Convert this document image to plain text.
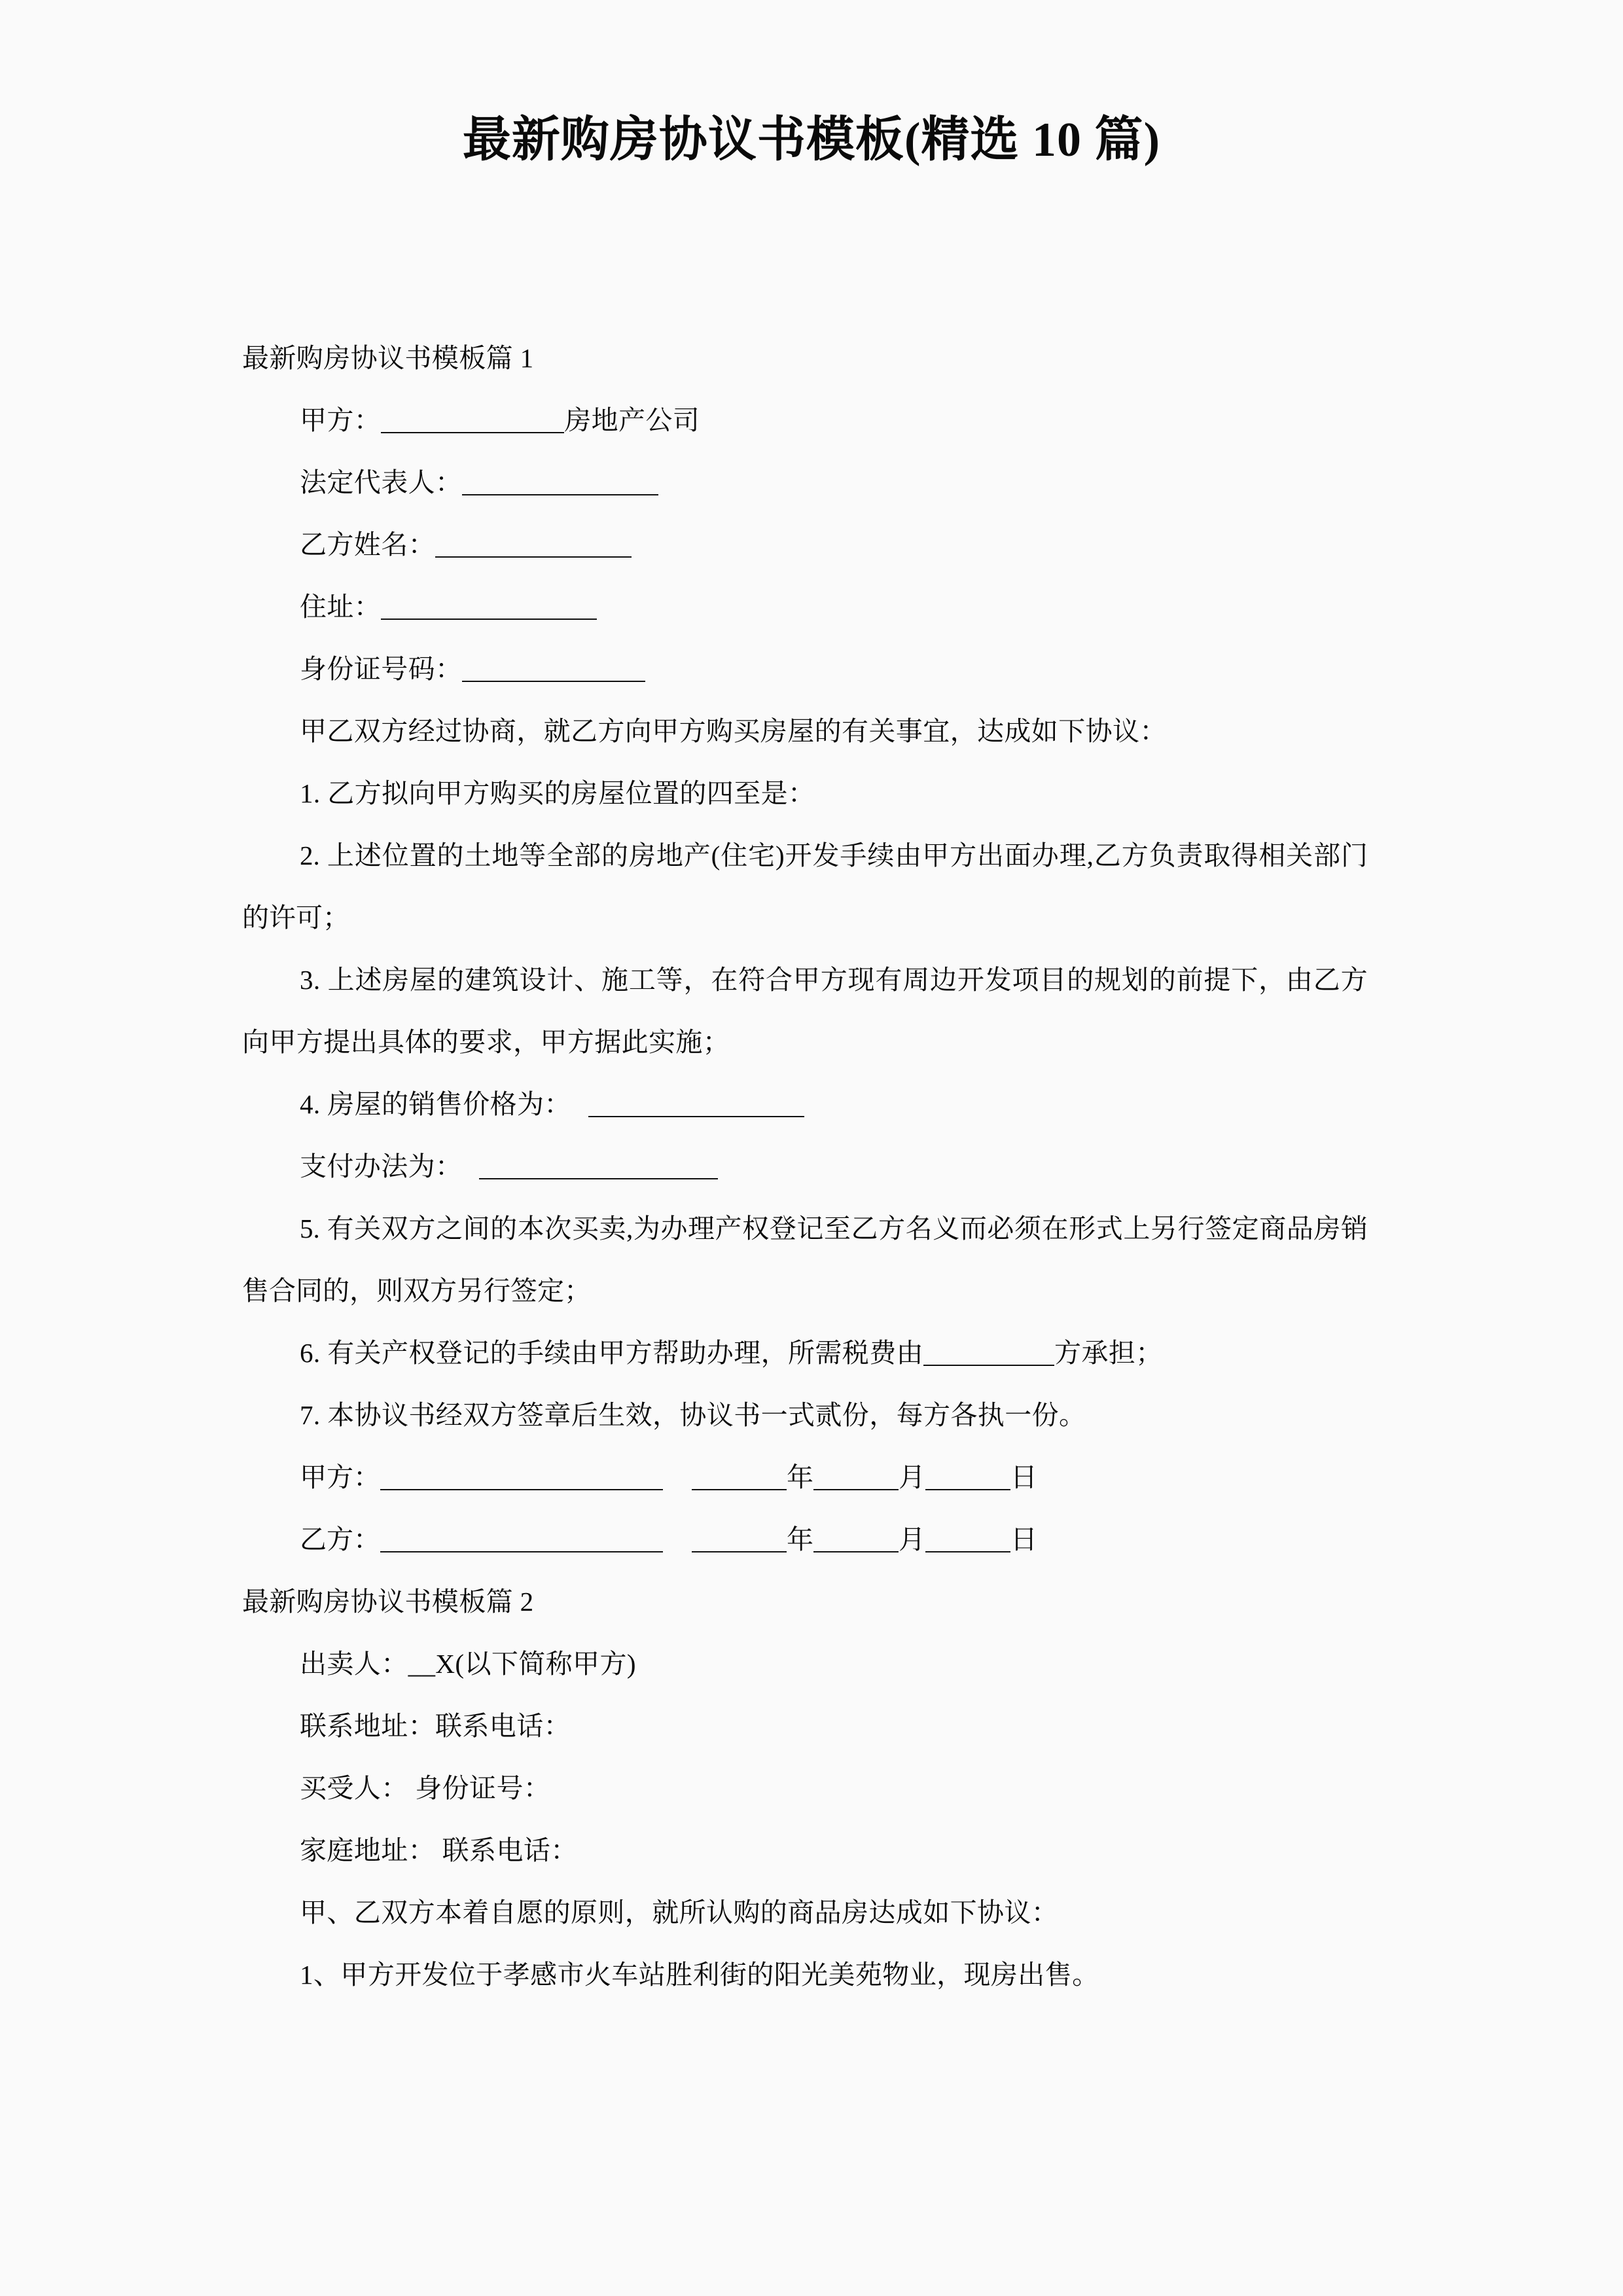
最新购房协议书模板(精选 10 篇)
最新购房协议书模板篇 1
甲方：	房地产公司
法定代表人：
乙方姓名：
住址：
身份证号码：
甲乙双方经过协商，就乙方向甲方购买房屋的有关事宜，达成如下协议：
1. 乙方拟向甲方购买的房屋位置的四至是：
2. 上述位置的土地等全部的房地产(住宅)开发手续由甲方出面办理,乙方负责取得相关部门的许可；
3. 上述房屋的建筑设计、施工等，在符合甲方现有周边开发项目的规划的前提下，由乙方向甲方提出具体的要求，甲方据此实施；
4. 房屋的销售价格为：
支付办法为：
5. 有关双方之间的本次买卖,为办理产权登记至乙方名义而必须在形式上另行签定商品房销售合同的，则双方另行签定；
6. 有关产权登记的手续由甲方帮助办理，所需税费由	方承担；
7. 本协议书经双方签章后生效，协议书一式贰份，每方各执一份。
甲方：	年	月	日
乙方：	年	月	日
最新购房协议书模板篇 2
出卖人：__X(以下简称甲方)
联系地址：联系电话：
买受人： 身份证号：
家庭地址： 联系电话：
甲、乙双方本着自愿的原则，就所认购的商品房达成如下协议：
1、甲方开发位于孝感市火车站胜利街的阳光美苑物业，现房出售。
